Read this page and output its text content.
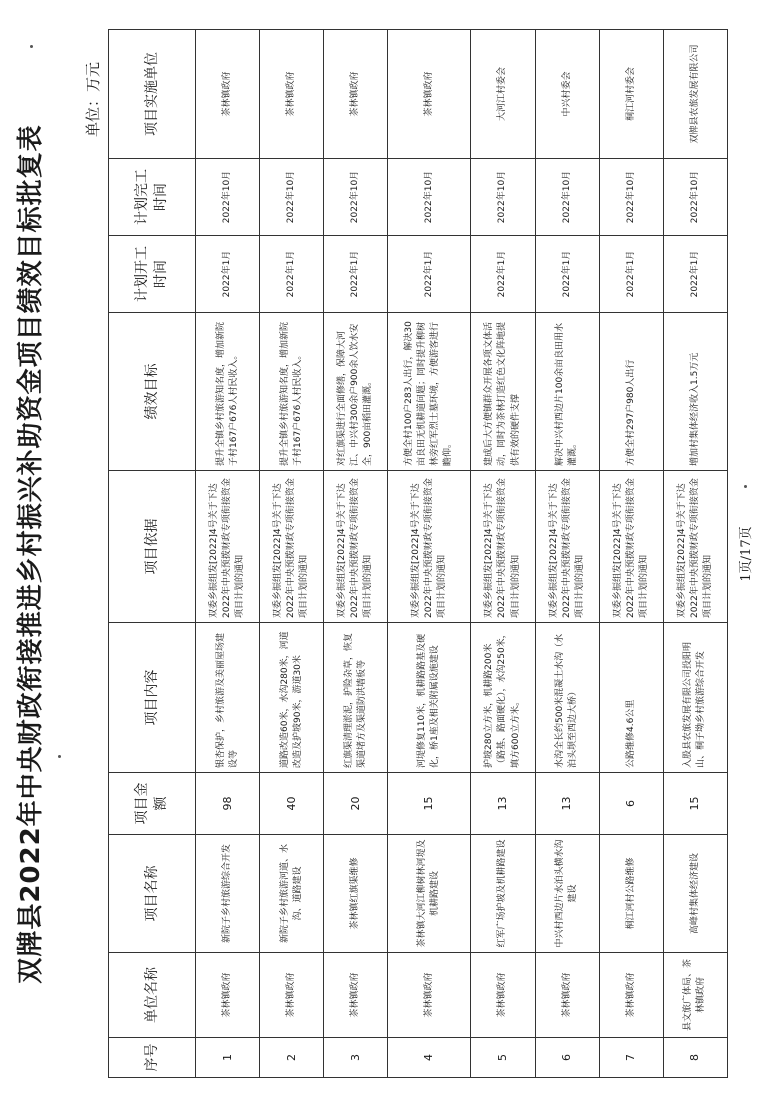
双牌县2022年中央财政衔接推进乡村振兴补助资金项目绩效目标批复表
单位：万元
序号	单位名称	项目名称	项目金额	项目内容	项目依据	绩效目标	计划开工时间	计划完工时间	项目实施单位
1	茶林镇政府	新院子乡村旅游综合开发	98	银杏保护，乡村旅游及美丽屋场建设等	双委乡振组发[2022]4号关于下达2022年中央预拨财政专项衔接资金项目计划的通知	提升全镇乡村旅游知名度，增加新院子村167户676人村民收入。	2022年1月	2022年10月	茶林镇政府
2	茶林镇政府	新院子乡村旅游河道、水沟、道路建设	40	道路改造60米，水沟280米，河道改造及护坡90米，游道30米	双委乡振组发[2022]4号关于下达2022年中央预拨财政专项衔接资金项目计划的通知	提升全镇乡村旅游知名度，增加新院子村167户676人村民收入。	2022年1月	2022年10月	茶林镇政府
3	茶林镇政府	茶林镇红旗渠维修	20	红旗渠清理淤泥，护险杂草，恢复渠道堵方及渠道防洪墙板等	双委乡振组发[2022]4号关于下达2022年中央预拨财政专项衔接资金项目计划的通知	对红旗渠进行全面修缮，保障大河江、中兴村300余户900余人饮水安全，900亩稻田灌溉。	2022年1月	2022年10月	茶林镇政府
4	茶林镇政府	茶林镇大河江柳树林河堤及机耕路建设	15	河堤修复110米，机耕路路基及硬化，桥1座及相关附属设施建设	双委乡振组发[2022]4号关于下达2022年中央预拨财政专项衔接资金项目计划的通知	方便全村100户283人出行，解决30亩良田无机耕道问题；同时提升柳树林旁红军烈士墓环境，方便游客进行瞻仰。	2022年1月	2022年10月	茶林镇政府
5	茶林镇政府	红军广场护坡及机耕路建设	13	护坡280立方米，机耕路200米（路基、路面硬化），水沟250米，填方600立方米。	双委乡振组发[2022]4号关于下达2022年中央预拨财政专项衔接资金项目计划的通知	建成后大方便镇群众开展各项文体活动，同时为茶林打造红色文化阵地提供有效的硬件支撑	2022年1月	2022年10月	大河江村委会
6	茶林镇政府	中兴村西边片水泊头横水沟建设	13	水沟全长约500米混凝土水沟（水泊头坝至西边大桥）	双委乡振组发[2022]4号关于下达2022年中央预拨财政专项衔接资金项目计划的通知	解决中兴村西边片100余亩良田用水灌溉。	2022年1月	2022年10月	中兴村委会
7	茶林镇政府	桐江河村公路维修	6	公路维修4.6公里	双委乡振组发[2022]4号关于下达2022年中央预拨财政专项衔接资金项目计划的通知	方便全村297户980人出行	2022年1月	2022年10月	桐江河村委会
8	县文旅广体局、茶林镇政府	高峰村集体经济建设	15	入股县农旅发展有限公司投阳明山、桐子坳乡村旅游综合开发	双委乡振组发[2022]4号关于下达2022年中央预拨财政专项衔接资金项目计划的通知	增加村集体经济收入1.5万元	2022年1月	2022年10月	双牌县农旅发展有限公司
1页/17页
